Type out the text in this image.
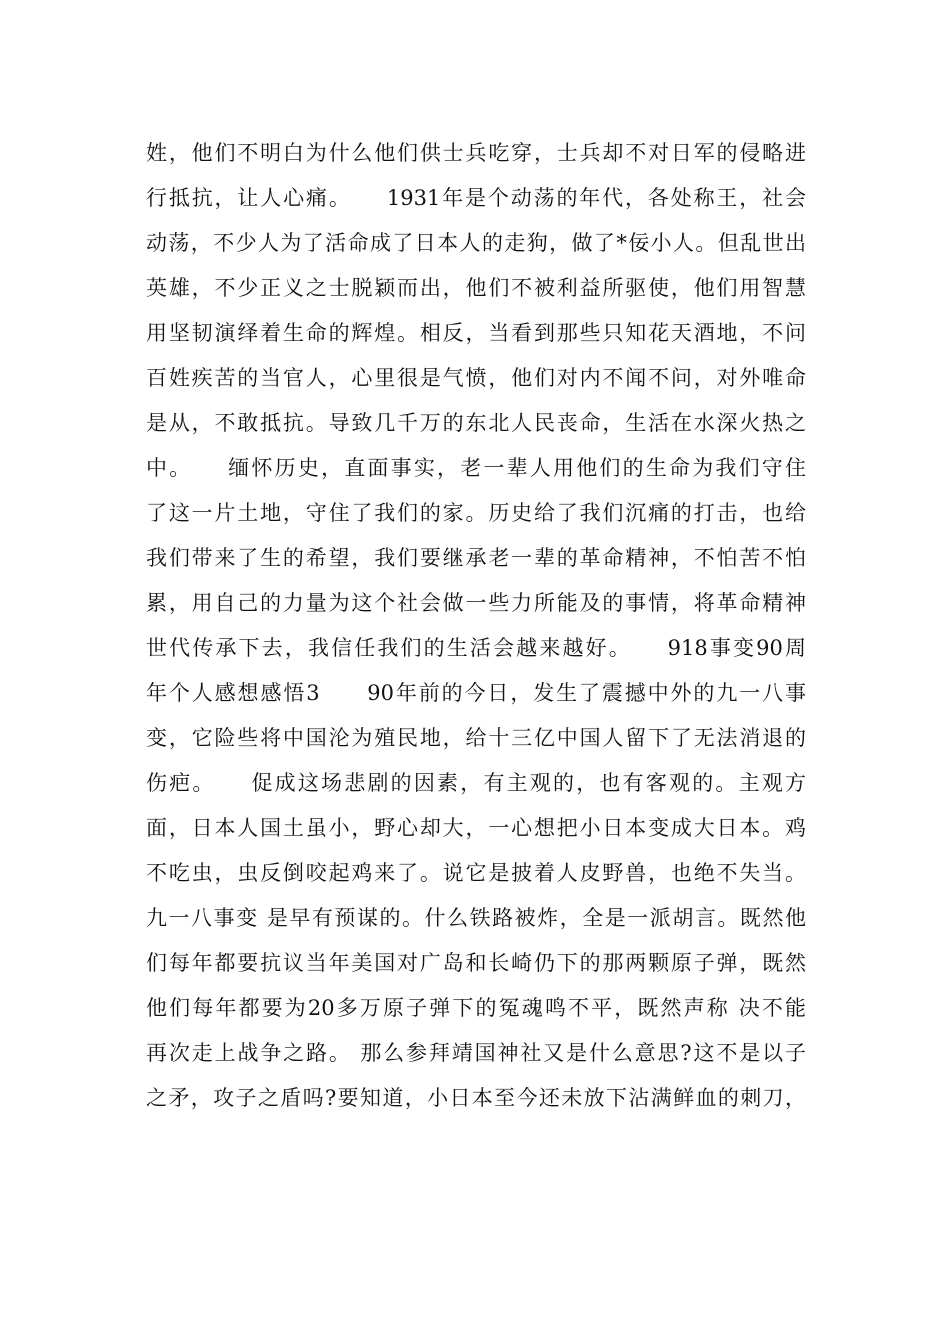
姓，他们不明白为什么他们供士兵吃穿，士兵却不对日军的侵略进
行抵抗，让人心痛。　　1931年是个动荡的年代，各处称王，社会
动荡，不少人为了活命成了日本人的走狗，做了*佞小人。但乱世出
英雄，不少正义之士脱颖而出，他们不被利益所驱使，他们用智慧
用坚韧演绎着生命的辉煌。相反，当看到那些只知花天酒地，不问
百姓疾苦的当官人，心里很是气愤，他们对内不闻不问，对外唯命
是从，不敢抵抗。导致几千万的东北人民丧命，生活在水深火热之
中。　　缅怀历史，直面事实，老一辈人用他们的生命为我们守住
了这一片土地，守住了我们的家。历史给了我们沉痛的打击，也给
我们带来了生的希望，我们要继承老一辈的革命精神，不怕苦不怕
累，用自己的力量为这个社会做一些力所能及的事情，将革命精神
世代传承下去，我信任我们的生活会越来越好。　　918事变90周
年个人感想感悟3　　90年前的今日，发生了震撼中外的九一八事
变，它险些将中国沦为殖民地，给十三亿中国人留下了无法消退的
伤疤。　　促成这场悲剧的因素，有主观的，也有客观的。主观方
面，日本人国土虽小，野心却大，一心想把小日本变成大日本。鸡
不吃虫，虫反倒咬起鸡来了。说它是披着人皮野兽，也绝不失当。
九一八事变 是早有预谋的。什么铁路被炸，全是一派胡言。既然他
们每年都要抗议当年美国对广岛和长崎仍下的那两颗原子弹，既然
他们每年都要为20多万原子弹下的冤魂鸣不平，既然声称 决不能
再次走上战争之路。 那么参拜靖国神社又是什么意思?这不是以子
之矛，攻子之盾吗?要知道，小日本至今还未放下沾满鲜血的刺刀，
